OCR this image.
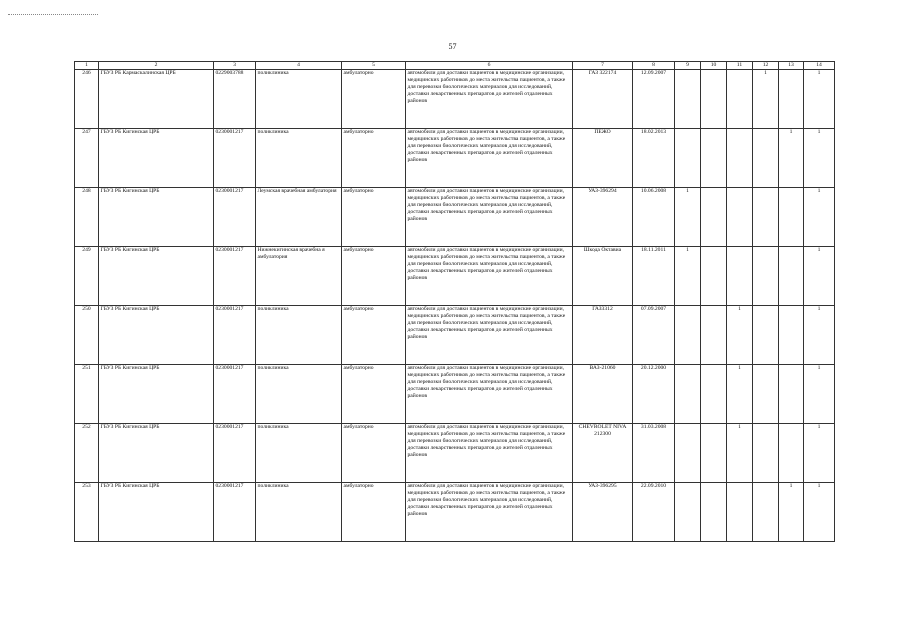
57
1	2	3	4	5	6	7	8	9	10	11	12	13	14
246	ГБУЗ РБ Кармаскалинская ЦРБ	0229003788	поликлиника	амбулаторно	автомобили для доставки пациентов в медицинские организации, медицинских работников до места жительства пациентов, а также для перевозки биологических материалов для исследований, доставки лекарственных препаратов до жителей отдаленных районов	ГАЗ 322174	12.09.2007				1		1
247	ГБУЗ РБ Кигинская ЦРБ	0230001217	поликлиника	амбулаторно	автомобили для доставки пациентов в медицинские организации, медицинских работников до места жительства пациентов, а также для перевозки биологических материалов для исследований, доставки лекарственных препаратов до жителей отдаленных районов	ПЕЖО	18.02.2013					1	1
248	ГБУЗ РБ Кигинская ЦРБ	0230001217	Леумская врачебная амбулатория	амбулаторно	автомобили для доставки пациентов в медицинские организации, медицинских работников до места жительства пациентов, а также для перевозки биологических материалов для исследований, доставки лекарственных препаратов до жителей отдаленных районов	УАЗ-396294	10.06.2008	1					1
249	ГБУЗ РБ Кигинская ЦРБ	0230001217	Нижнекигинская врачебна я амбулатория	амбулаторно	автомобили для доставки пациентов в медицинские организации, медицинских работников до места жительства пациентов, а также для перевозки биологических материалов для исследований, доставки лекарственных препаратов до жителей отдаленных районов	Шкода Октавиа	18.11.2011	1					1
250	ГБУЗ РБ Кигинская ЦРБ	0230001217	поликлиника	амбулаторно	автомобили для доставки пациентов в медицинские организации, медицинских работников до места жительства пациентов, а также для перевозки биологических материалов для исследований, доставки лекарственных препаратов до жителей отдаленных районов	ГАЗ3312	07.09.2007			1			1
251	ГБУЗ РБ Кигинская ЦРБ	0230001217	поликлиника	амбулаторно	автомобили для доставки пациентов в медицинские организации, медицинских работников до места жительства пациентов, а также для перевозки биологических материалов для исследований, доставки лекарственных препаратов до жителей отдаленных районов	ВАЗ-21060	20.12.2000			1			1
252	ГБУЗ РБ Кигинская ЦРБ	0230001217	поликлиника	амбулаторно	автомобили для доставки пациентов в медицинские организации, медицинских работников до места жительства пациентов, а также для перевозки биологических материалов для исследований, доставки лекарственных препаратов до жителей отдаленных районов	CHEVROLET NIVA 212300	31.03.2008			1			1
253	ГБУЗ РБ Кигинская ЦРБ	0230001217	поликлиника	амбулаторно	автомобили для доставки пациентов в медицинские организации, медицинских работников до места жительства пациентов, а также для перевозки биологических материалов для исследований, доставки лекарственных препаратов до жителей отдаленных районов	УАЗ-396295	22.09.2010					1	1
